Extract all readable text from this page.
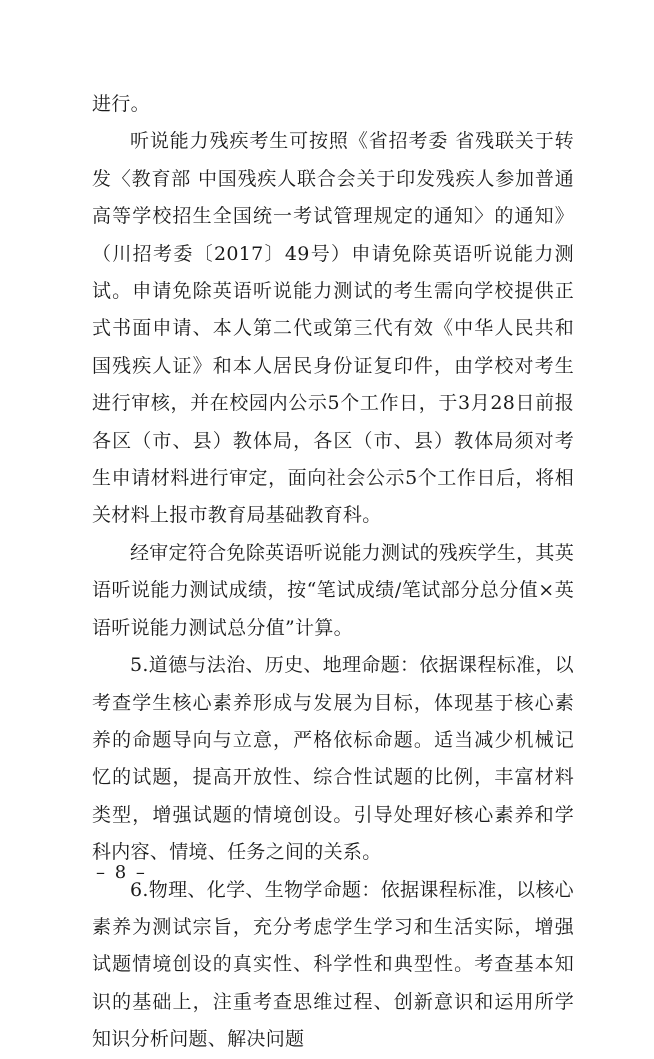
进行。

听说能力残疾考生可按照《省招考委 省残联关于转发〈教育部 中国残疾人联合会关于印发残疾人参加普通高等学校招生全国统一考试管理规定的通知〉的通知》（川招考委〔2017〕49号）申请免除英语听说能力测试。申请免除英语听说能力测试的考生需向学校提供正式书面申请、本人第二代或第三代有效《中华人民共和国残疾人证》和本人居民身份证复印件，由学校对考生进行审核，并在校园内公示5个工作日，于3月28日前报各区（市、县）教体局，各区（市、县）教体局须对考生申请材料进行审定，面向社会公示5个工作日后，将相关材料上报市教育局基础教育科。

经审定符合免除英语听说能力测试的残疾学生，其英语听说能力测试成绩，按“笔试成绩/笔试部分总分值×英语听说能力测试总分值”计算。

5.道德与法治、历史、地理命题：依据课程标准，以考查学生核心素养形成与发展为目标，体现基于核心素养的命题导向与立意，严格依标命题。适当减少机械记忆的试题，提高开放性、综合性试题的比例，丰富材料类型，增强试题的情境创设。引导处理好核心素养和学科内容、情境、任务之间的关系。

6.物理、化学、生物学命题：依据课程标准，以核心素养为测试宗旨，充分考虑学生学习和生活实际，增强试题情境创设的真实性、科学性和典型性。考查基本知识的基础上，注重考查思维过程、创新意识和运用所学知识分析问题、解决问题

– 8 –
